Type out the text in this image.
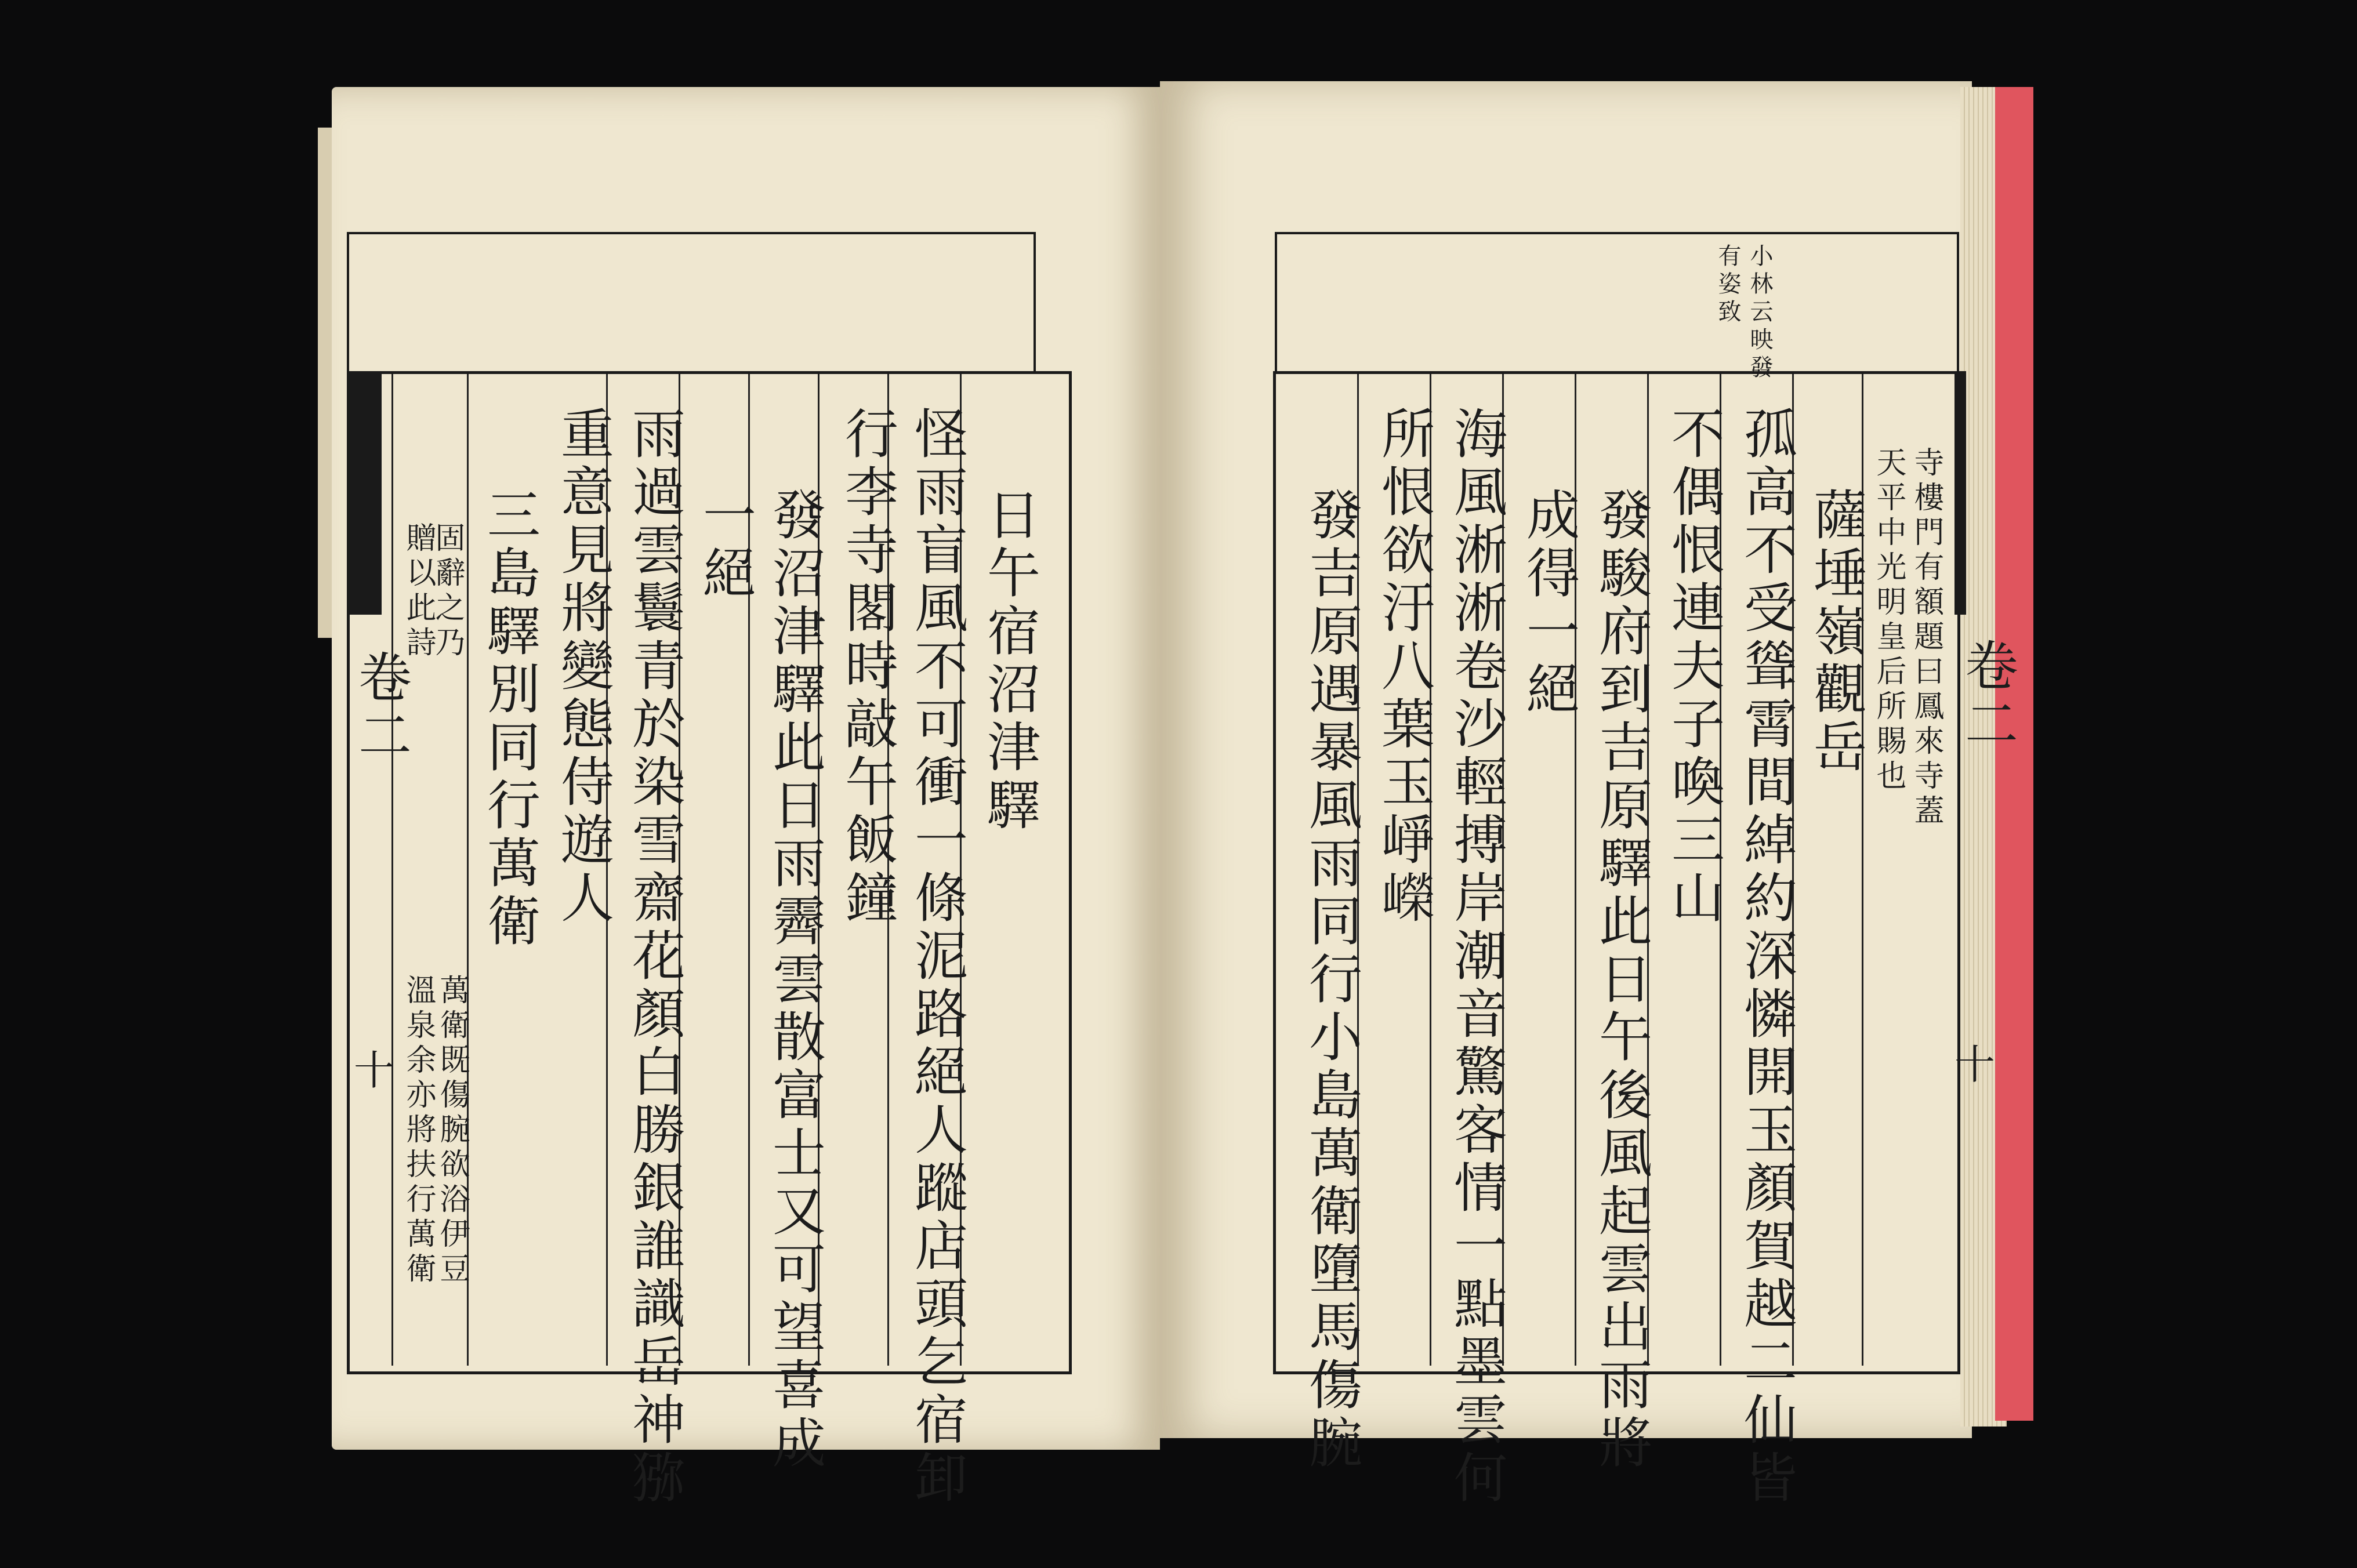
日午宿沼津驛
怪雨盲風不可衝一條泥路絕人蹤店頭乞宿卸
行李寺閣時敲午飯鐘
發沼津驛此日雨霽雲散富士又可望喜成
一絕
雨過雲鬟青於染雪齋花顏白勝銀誰識岳神猕
重意見將變態侍遊人
三島驛別同行萬衛
萬衛既傷腕欲浴伊豆
溫泉余亦將扶行萬衛
固辭之乃
贈以此詩
卷二
十
小林云映發
有姿致
寺樓門有額題曰鳳來寺蓋
天平中光明皇后所賜也
薩埵嶺觀岳
孤高不受聳霄間綽約深憐開玉顏賀越二仙皆
不偶恨連夫子喚三山
發駿府到吉原驛此日午後風起雲出雨將
成得一絕
海風淅淅卷沙輕搏岸潮音驚客情一點墨雲何
所恨欲汙八葉玉崢嶸
發吉原遇暴風雨同行小島萬衛墮馬傷腕	卷二
十
